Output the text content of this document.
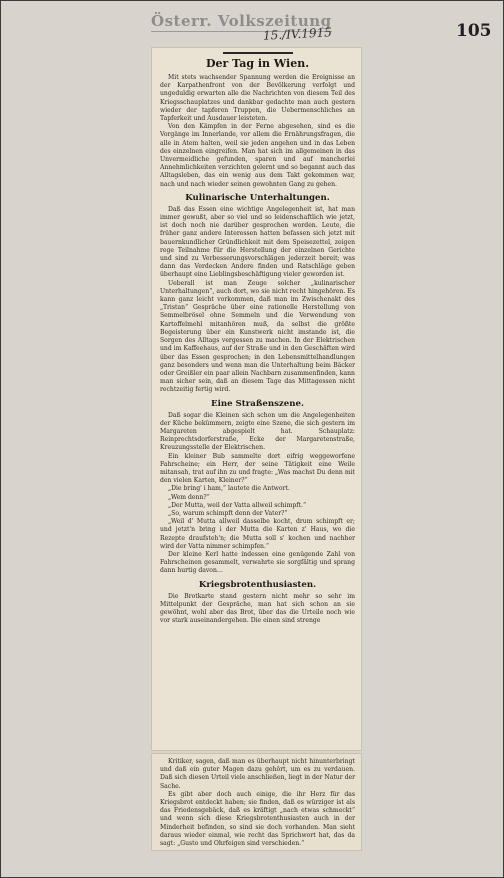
Österr. Volkszeitung
15./IV.1915	105
Der Tag in Wien.

Mit stets wachsender Spannung werden die Ereignisse an der Karpathenfront von der Bevölkerung verfolgt und ungeduldig erwarten alle die Nachrichten von diesem Teil des Kriegsschauplatzes und dankbar gedachte man auch gestern wieder der tapferen Truppen, die Uebermenschliches an Tapferkeit und Ausdauer leisteten.

Von den Kämpfen in der Ferne abgesehen, sind es die Vorgänge im Innerlande, vor allem die Ernährungsfragen, die alle in Atem halten, weil sie jeden angehen und in das Leben des einzelnen eingreifen. Man hat sich im allgemeinen in das Unvermeidliche gefunden, sparen und auf mancherlei Annehmlichkeiten verzichten gelernt und so begannt auch das Alltagsleben, das ein wenig aus dem Takt gekommen war, nach und nach wieder seinen gewohnten Gang zu gehen.

Kulinarische Unterhaltungen.

Daß das Essen eine wichtige Angelegenheit ist, hat man immer gewußt, aber so viel und so leidenschaftlich wie jetzt, ist doch noch nie darüber gesprochen worden. Leute, die früher ganz andere Interessen hatten befassen sich jetzt mit bauernkundlicher Gründlichkeit mit dem Speisezettel, zeigen rege Teilnahme für die Herstellung der einzelnen Gerichte und sind zu Verbesserungsvorschlägen jederzeit bereit; was dann das Verdecken Andere finden und Ratschläge geben überhaupt eine Lieblingsbeschäftigung vieler geworden ist.

Ueberall ist man Zeuge solcher „kulinarischer Unterhaltungen“, auch dort, wo sie nicht recht hingehören. Es kann ganz leicht vorkommen, daß man im Zwischenakt des „Tristan“ Gespräche über eine rationelle Herstellung von Semmelbrösel ohne Semmeln und die Verwendung von Kartoffelmehl mitanhören muß, da selbst die größte Begeisterung über ein Kunstwerk nicht imstande ist, die Sorgen des Alltags vergessen zu machen. In der Elektrischen und im Kaffeehaus, auf der Straße und in den Geschäften wird über das Essen gesprochen; in den Lebensmittelhandlungen ganz besonders und wenn man die Unterhaltung beim Bäcker oder Greißler ein paar allein Nachbarn zusammenfinden, kann man sicher sein, daß an diesem Tage das Mittagessen nicht rechtzeitig fertig wird.

Eine Straßenszene.

Daß sogar die Kleinen sich schon um die Angelegenheiten der Küche bekümmern, zeigte eine Szene, die sich gestern im Margareten abgespielt hat. Schauplatz: Reinprechtsdorferstraße, Ecke der Margaretenstraße, Kreuzungsstelle der Elektrischen.

Ein kleiner Bub sammelte dort eifrig weggeworfene Fahrscheine; ein Herr, der seine Tätigkeit eine Weile mitansah, trat auf ihn zu und fragte: „Was machst Du denn mit den vielen Karten, Kleiner?“

„Die bring' i ham,“ lautete die Antwort.

„Wem denn?“

„Der Mutta, weil der Vatta allweil schimpft.“

„So, warum schimpft denn der Vater?“

„Weil d' Mutta allweil dasselbe kocht, drum schimpft er; und jetzt'n bring i der Mutta die Karten z' Haus, wo die Rezepte draufsteh'n; die Mutta soll s' kochen und nachher wird der Vatta nimmer schimpfen.“

Der kleine Kerl hatte indessen eine genügende Zahl von Fahrscheinen gesammelt, verwahrte sie sorgfältig und sprang dann hurtig davon…

Kriegsbrotenthusiasten.

Die Brotkarte stand gestern nicht mehr so sehr im Mittelpunkt der Gespräche, man hat sich schon an sie gewöhnt, wohl aber das Brot, über das die Urteile noch wie vor stark auseinandergehen. Die einen sind strenge

Kritiker, sagen, daß man es überhaupt nicht hinunterbringt und daß ein guter Magen dazu gehört, um es zu verdauen. Daß sich diesen Urteil viele anschließen, liegt in der Natur der Sache.

Es gibt aber doch auch einige, die ihr Herz für das Kriegsbrot entdeckt haben; sie finden, daß es würziger ist als das Friedensgebäck, daß es kräftigt „nach etwas schmeckt“ und wenn sich diese Kriegsbrotenthusiasten auch in der Minderheit befinden, so sind sie doch vorhanden. Man sieht daraus wieder einmal, wie recht das Sprichwort hat, das da sagt: „Gusto und Ohrfeigen sind verschieden.“
